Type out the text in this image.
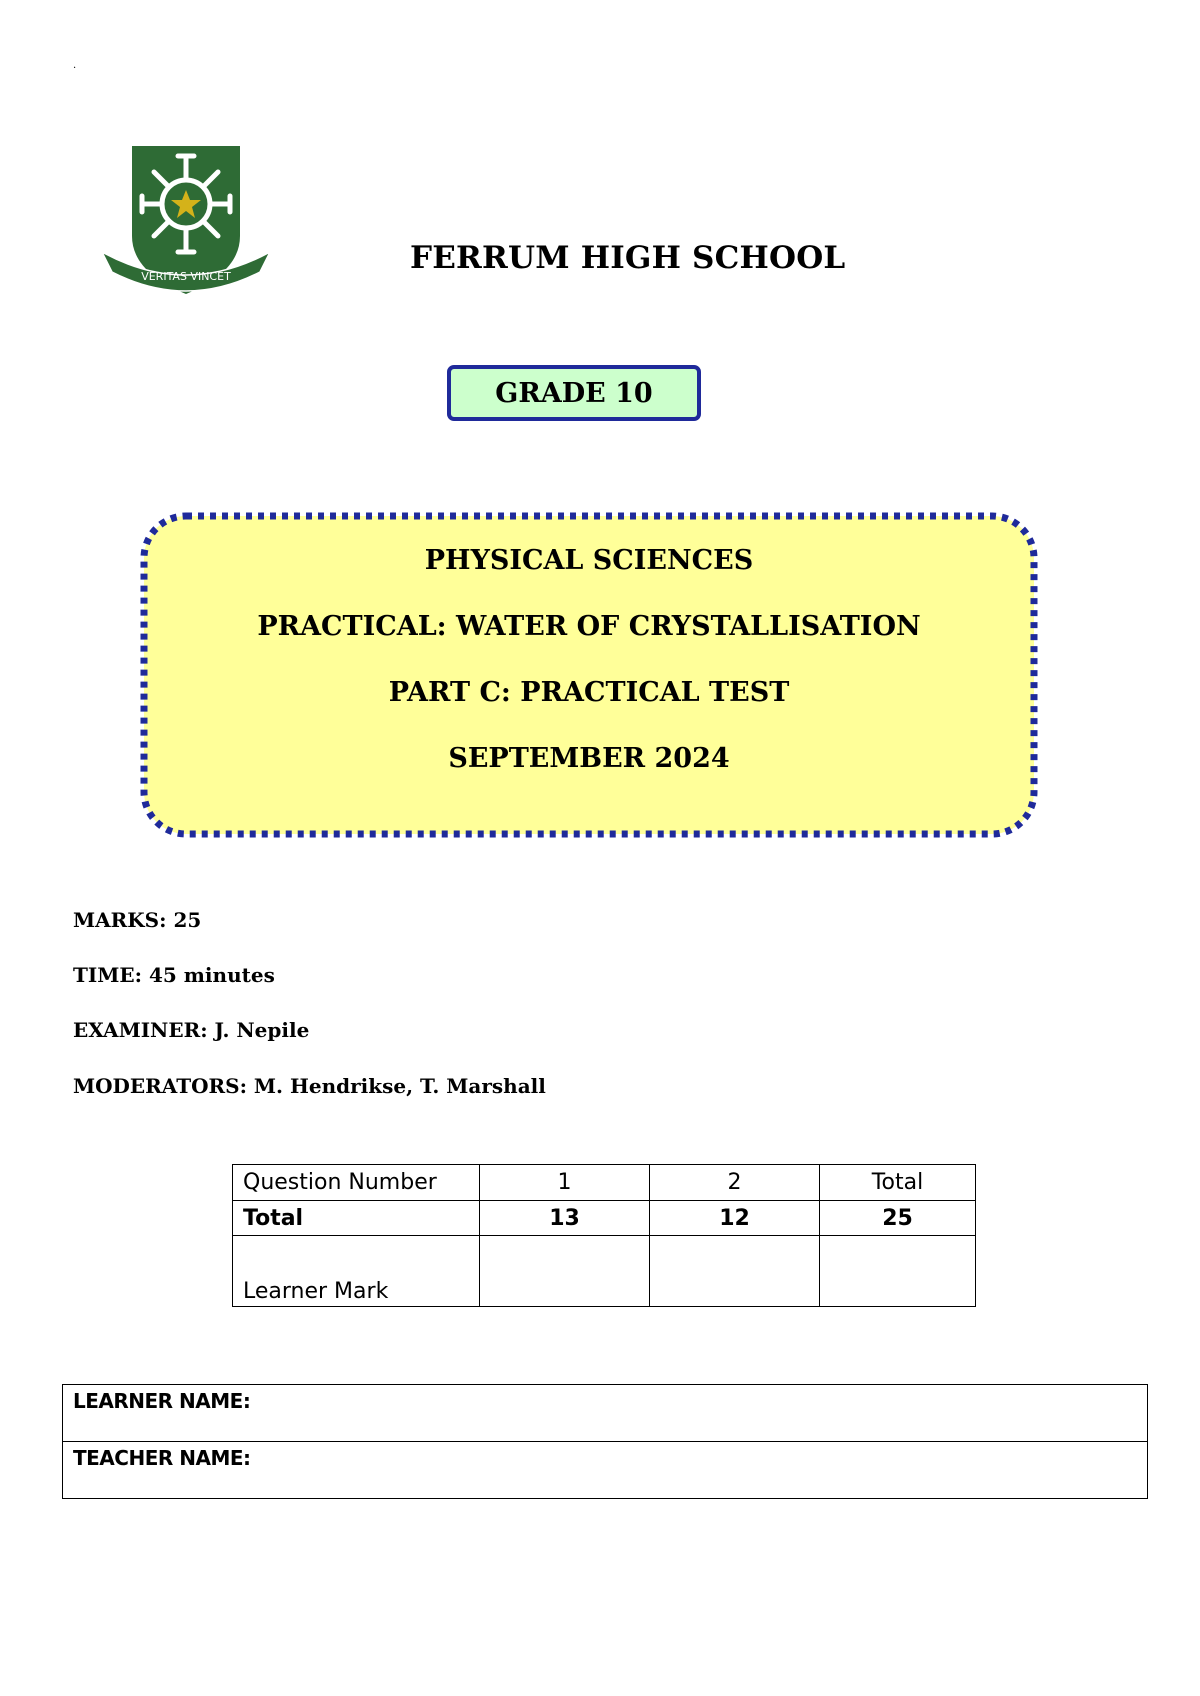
.
VERITAS VINCET
FERRUM HIGH SCHOOL
GRADE 10
PHYSICAL SCIENCES
PRACTICAL: WATER OF CRYSTALLISATION
PART C: PRACTICAL TEST
SEPTEMBER 2024
MARKS: 25
TIME: 45 minutes
EXAMINER: J. Nepile
MODERATORS: M. Hendrikse, T. Marshall
Question Number	1	2	Total
Total	13	12	25
Learner Mark			
LEARNER NAME:
TEACHER NAME:
